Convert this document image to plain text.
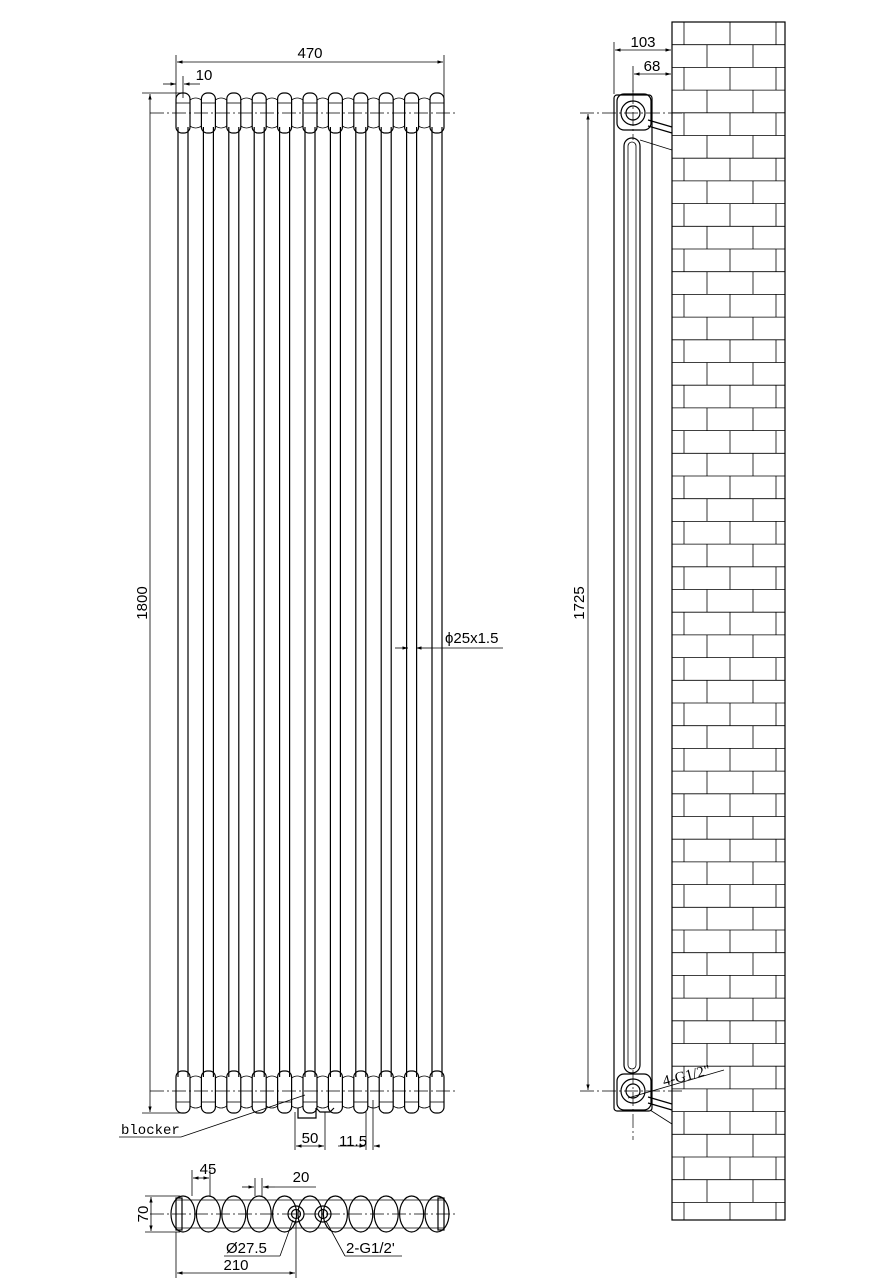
470
10
1800
ϕ25x1.5
blocker	50 11.5
45	20
70
Ø27.5	2-G1/2'
210
103
68
1725
4-G1/2"
